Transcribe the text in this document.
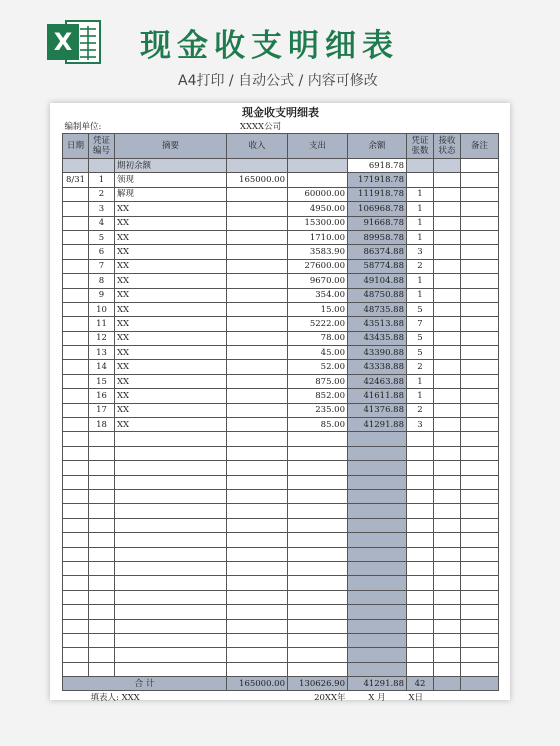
X 现金收支明细表
A4打印 / 自动公式 / 内容可修改
现金收支明细表								
编制单位:		XXXX公司						
日期	凭证编号	摘要	收入	支出	余额	凭证张数	接收状态	备注
		期初余额			6918.78			
8/31	1	领现	165000.00		171918.78			
	2	解现		60000.00	111918.78	1		
	3	XX		4950.00	106968.78	1		
	4	XX		15300.00	91668.78	1		
	5	XX		1710.00	89958.78	1		
	6	XX		3583.90	86374.88	3		
	7	XX		27600.00	58774.88	2		
	8	XX		9670.00	49104.88	1		
	9	XX		354.00	48750.88	1		
	10	XX		15.00	48735.88	5		
	11	XX		5222.00	43513.88	7		
	12	XX		78.00	43435.88	5		
	13	XX		45.00	43390.88	5		
	14	XX		52.00	43338.88	2		
	15	XX		875.00	42463.88	1		
	16	XX		852.00	41611.88	1		
	17	XX		235.00	41376.88	2		
	18	XX		85.00	41291.88	3		

合 计			165000.00	130626.90	41291.88	42		
	填表人: XXX			20XX年	X 月	X日		
